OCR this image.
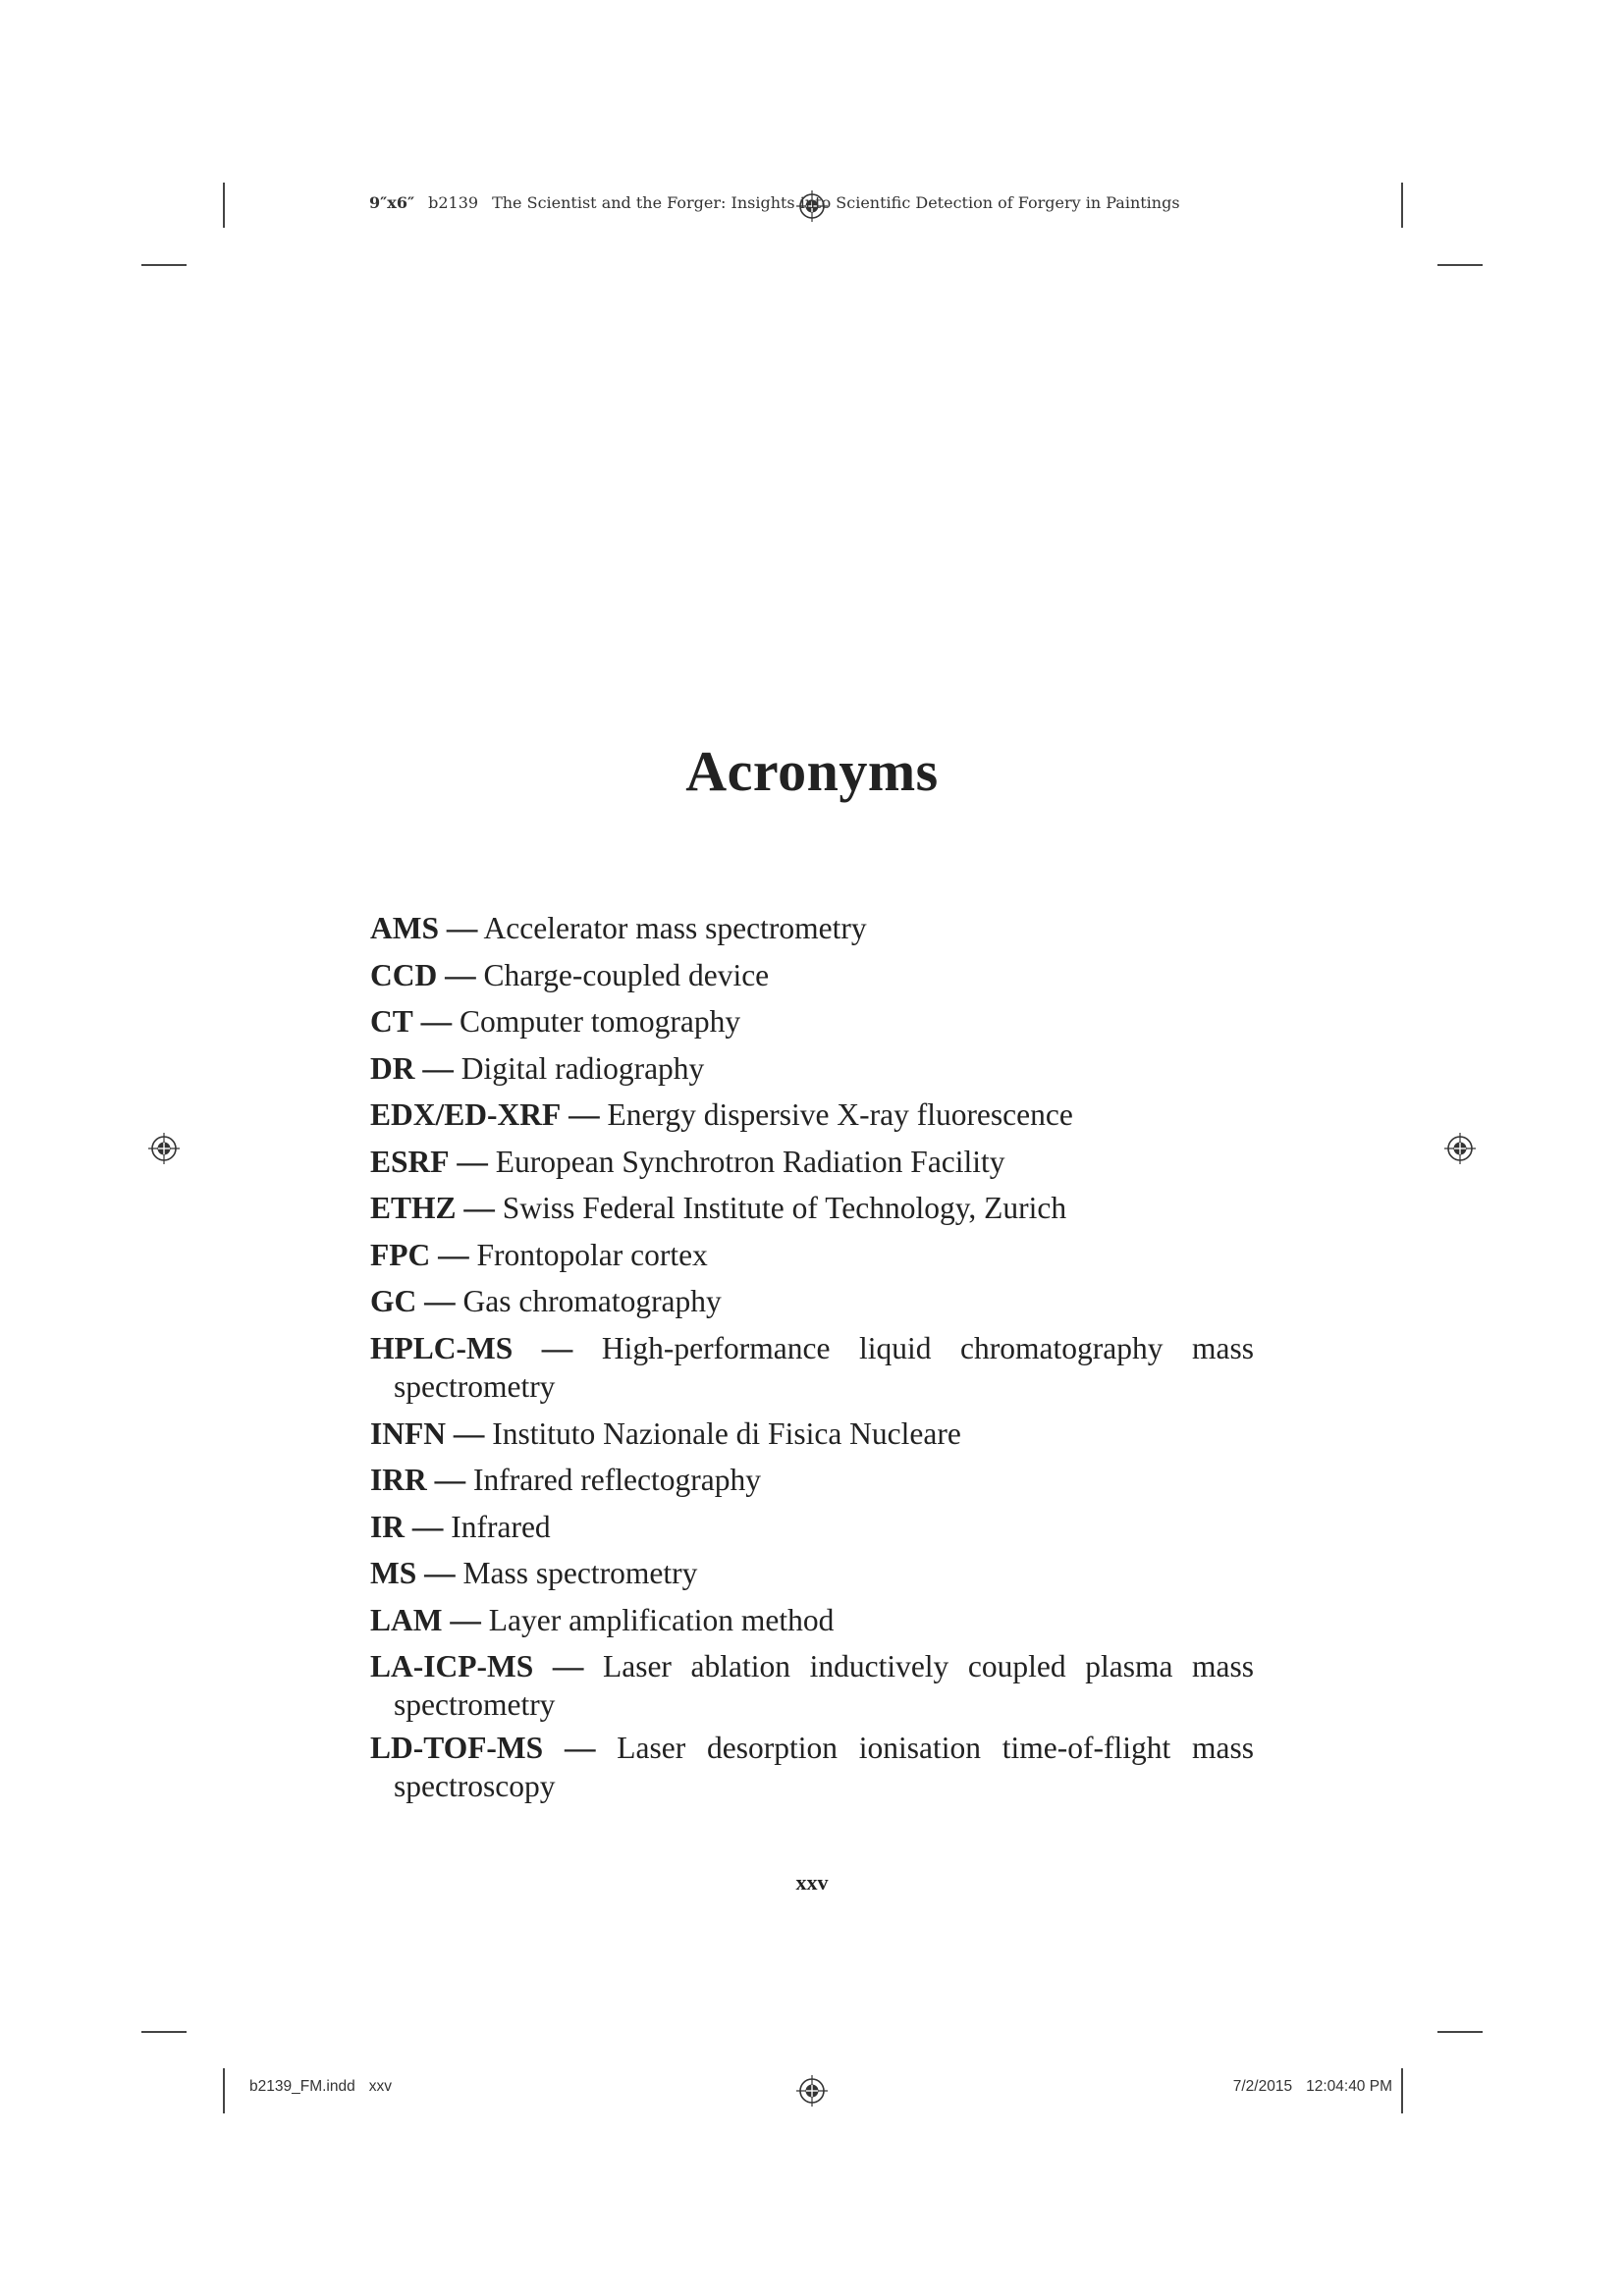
9″x6″ b2139 The Scientist and the Forger: Insights into Scientific Detection of Forgery in Paintings
Acronyms
AMS — Accelerator mass spectrometry
CCD — Charge-coupled device
CT — Computer tomography
DR — Digital radiography
EDX/ED-XRF — Energy dispersive X-ray fluorescence
ESRF — European Synchrotron Radiation Facility
ETHZ — Swiss Federal Institute of Technology, Zurich
FPC — Frontopolar cortex
GC — Gas chromatography
HPLC-MS — High-performance liquid chromatography mass spectrometry
INFN — Instituto Nazionale di Fisica Nucleare
IRR — Infrared reflectography
IR — Infrared
MS — Mass spectrometry
LAM — Layer amplification method
LA-ICP-MS — Laser ablation inductively coupled plasma mass spectrometry
LD-TOF-MS — Laser desorption ionisation time-of-flight mass spectroscopy
xxv
b2139_FM.indd xxv	7/2/2015 12:04:40 PM
